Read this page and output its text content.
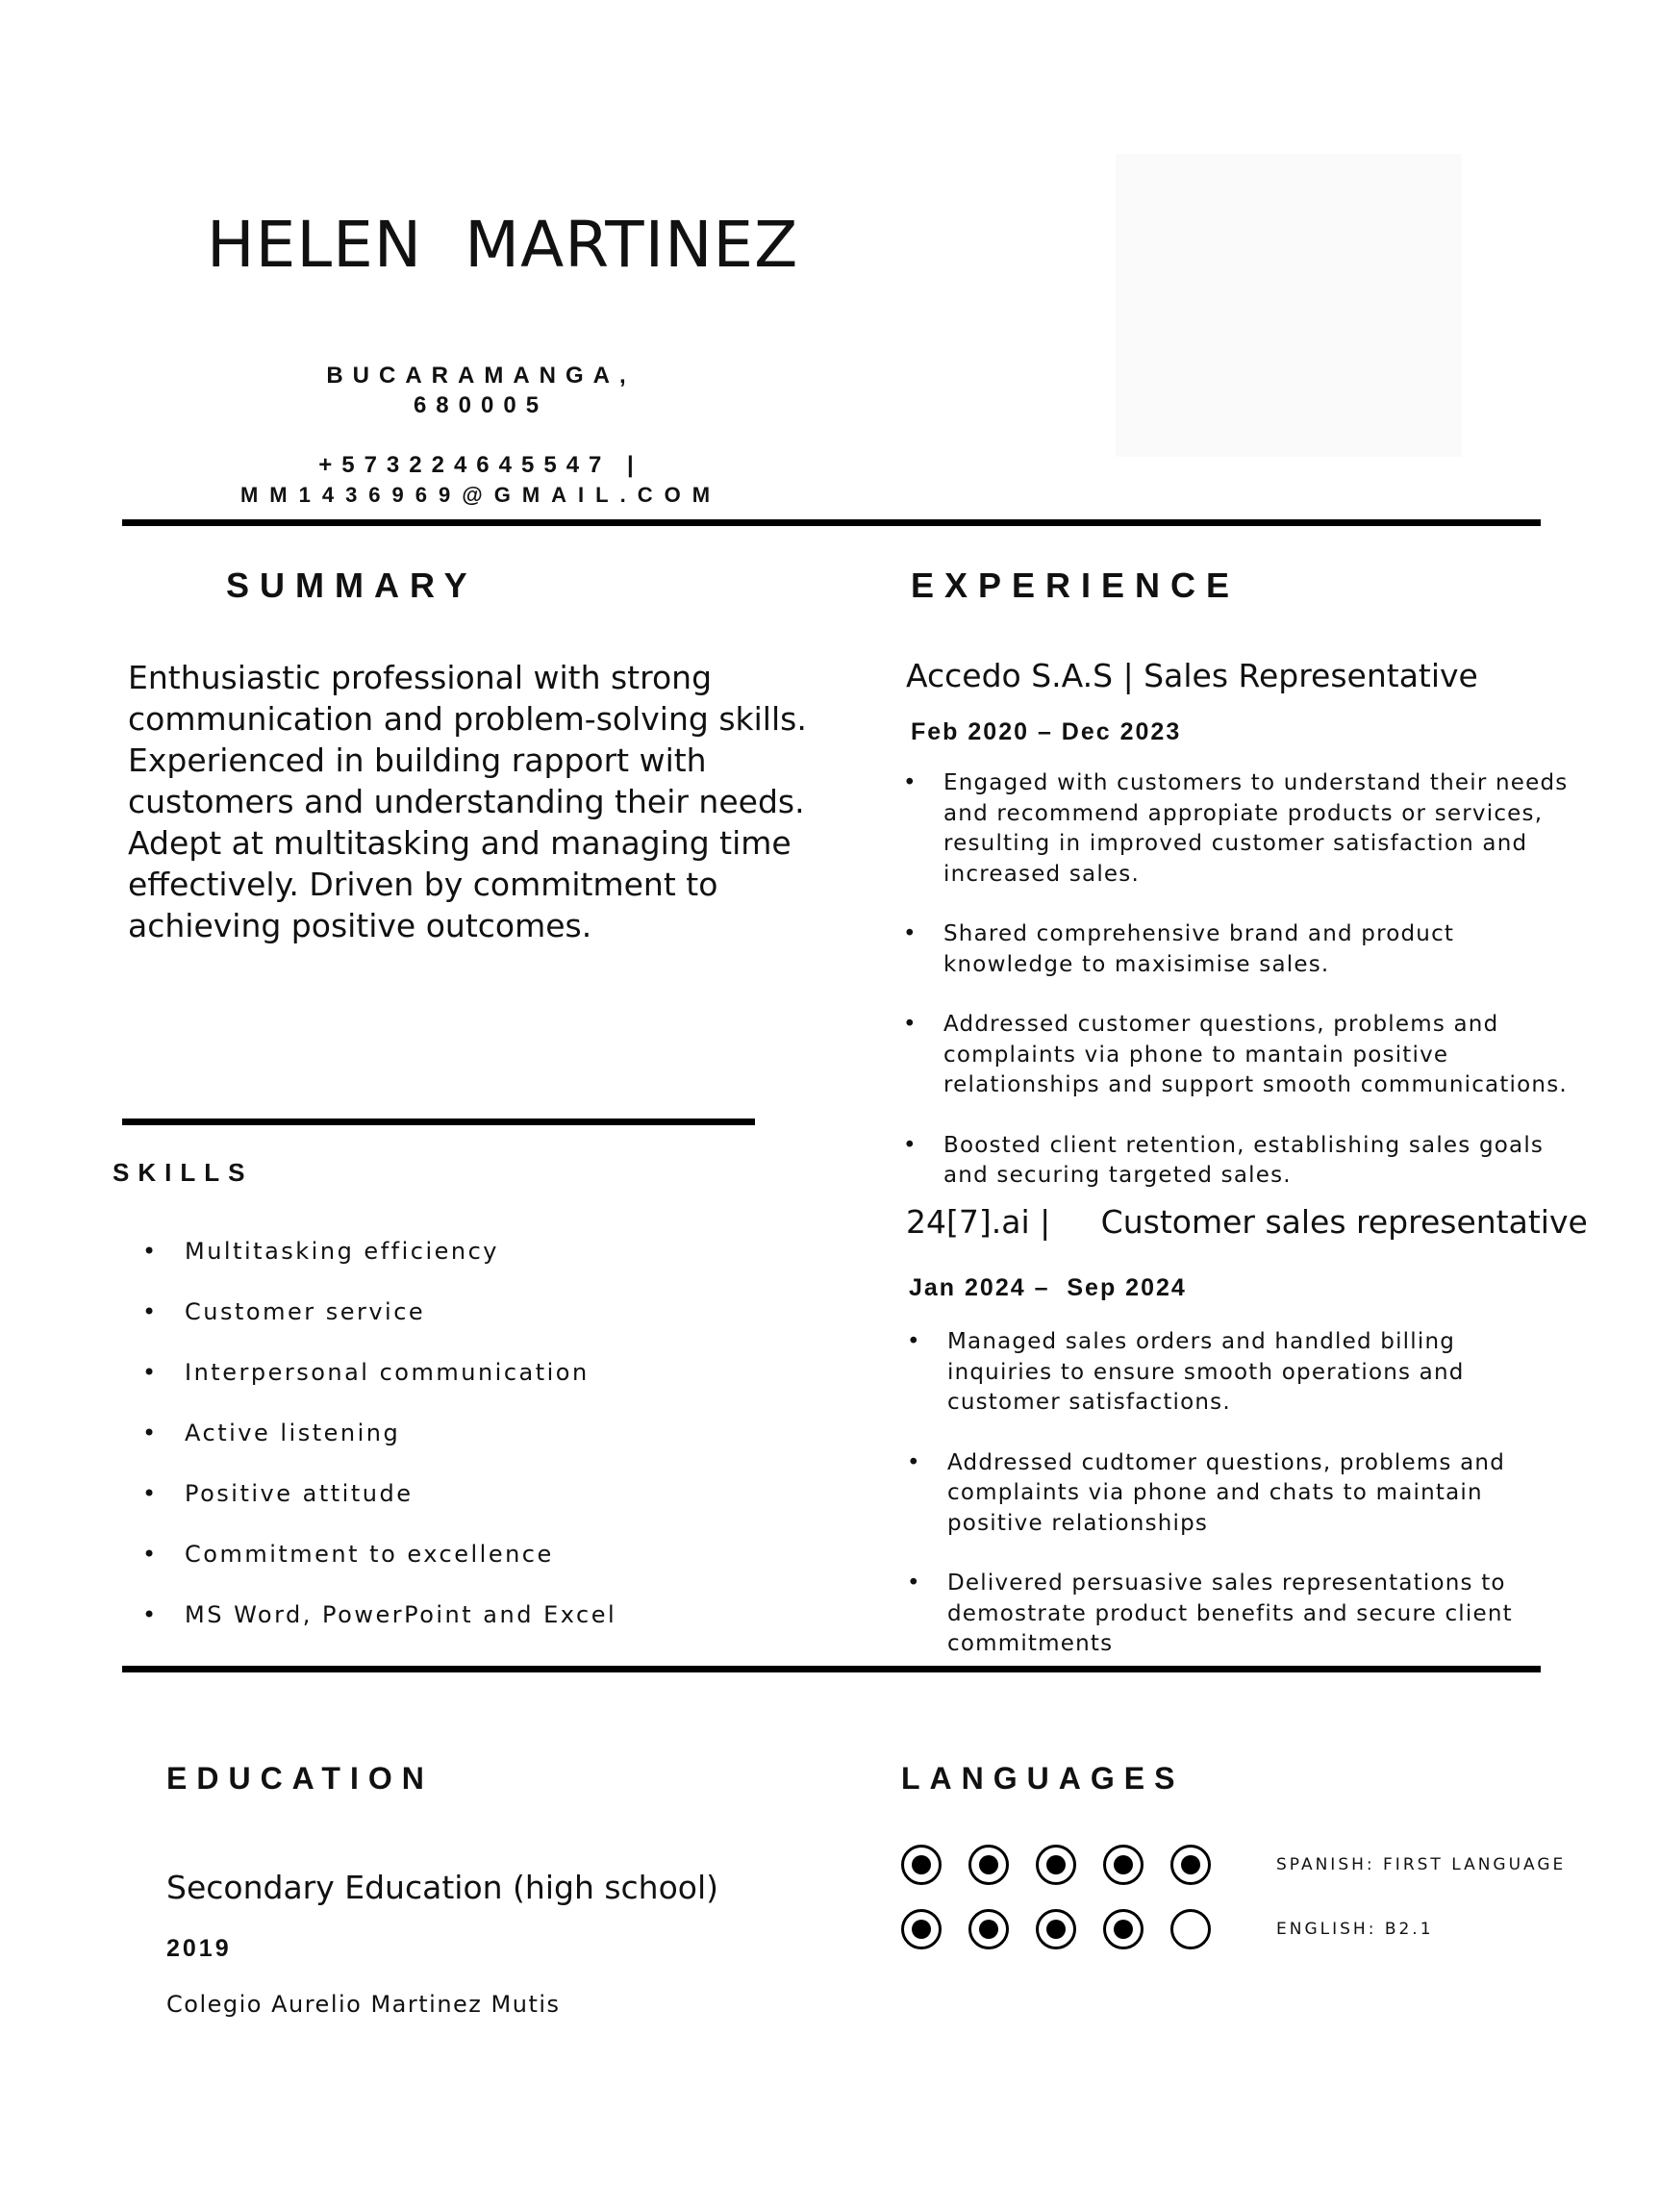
HELEN  MARTINEZ
BUCARAMANGA,
680005
+573224645547 |
MM1436969@GMAIL.COM
SUMMARY
Enthusiastic professional with strong communication and problem-solving skills. Experienced in building rapport with customers and understanding their needs. Adept at multitasking and managing time effectively. Driven by commitment to achieving positive outcomes.
SKILLS
• Multitasking efficiency
• Customer service
• Interpersonal communication
• Active listening
• Positive attitude
• Commitment to excellence
• MS Word, PowerPoint and Excel
EXPERIENCE
Accedo S.A.S | Sales Representative
Feb 2020 – Dec 2023
• Engaged with customers to understand their needs and recommend appropiate products or services, resulting in improved customer satisfaction and increased sales.
• Shared comprehensive brand and product knowledge to maxisimise sales.
• Addressed customer questions, problems and complaints via phone to mantain positive relationships and support smooth communications.
• Boosted client retention, establishing sales goals and securing targeted sales.
24[7].ai |     Customer sales representative
Jan 2024 –  Sep 2024
• Managed sales orders and handled billing inquiries to ensure smooth operations and customer satisfactions.
• Addressed cudtomer questions, problems and complaints via phone and chats to maintain positive relationships
• Delivered persuasive sales representations to demostrate product benefits and secure client commitments
EDUCATION
Secondary Education (high school)
2019
Colegio Aurelio Martinez Mutis
LANGUAGES
SPANISH: FIRST LANGUAGE
ENGLISH: B2.1
